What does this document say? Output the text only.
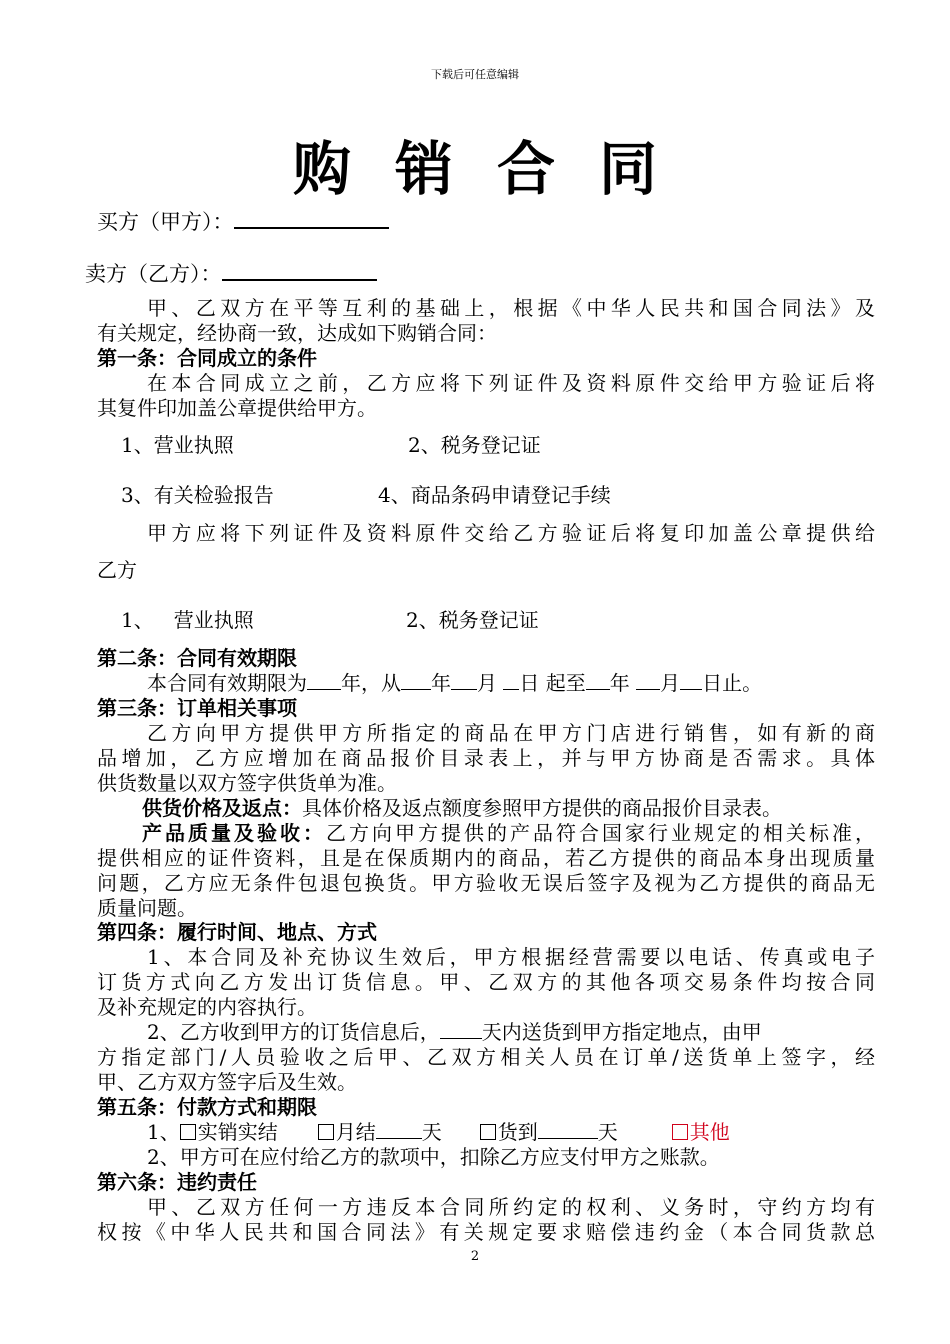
下载后可任意编辑
购 销 合 同
买方（甲方）：
卖方（乙方）：
甲、乙双方在平等互利的基础上，根据《中华人民共和国合同法》及
有关规定，经协商一致，达成如下购销合同：
第一条：合同成立的条件
在本合同成立之前，乙方应将下列证件及资料原件交给甲方验证后将
其复件印加盖公章提供给甲方。
1、营业执照	2、税务登记证
3、有关检验报告	4、商品条码申请登记手续
甲方应将下列证件及资料原件交给乙方验证后将复印加盖公章提供给
乙方
1、 营业执照	2、税务登记证
第二条：合同有效期限
本合同有效期限为 年，从 年 月 日 起至 年 月 日止。
第三条：订单相关事项
乙方向甲方提供甲方所指定的商品在甲方门店进行销售，如有新的商
品增加，乙方应增加在商品报价目录表上，并与甲方协商是否需求。具体
供货数量以双方签字供货单为准。
供货价格及返点：具体价格及返点额度参照甲方提供的商品报价目录表。
产品质量及验收：乙方向甲方提供的产品符合国家行业规定的相关标准，
提供相应的证件资料，且是在保质期内的商品，若乙方提供的商品本身出现质量
问题，乙方应无条件包退包换货。甲方验收无误后签字及视为乙方提供的商品无
质量问题。
第四条：履行时间、地点、方式
1、本合同及补充协议生效后，甲方根据经营需要以电话、传真或电子
订货方式向乙方发出订货信息。甲、乙双方的其他各项交易条件均按合同
及补充规定的内容执行。
2、乙方收到甲方的订货信息后， 天内送货到甲方指定地点，由甲
方指定部门/人员验收之后甲、乙双方相关人员在订单/送货单上签字，经
甲、乙方双方签字后及生效。
第五条：付款方式和期限
1、 实销实结	月结 天	货到	天	其他
2、甲方可在应付给乙方的款项中，扣除乙方应支付甲方之账款。
第六条：违约责任
甲、乙双方任何一方违反本合同所约定的权利、义务时，守约方均有
权按《中华人民共和国合同法》有关规定要求赔偿违约金（本合同货款总
2
